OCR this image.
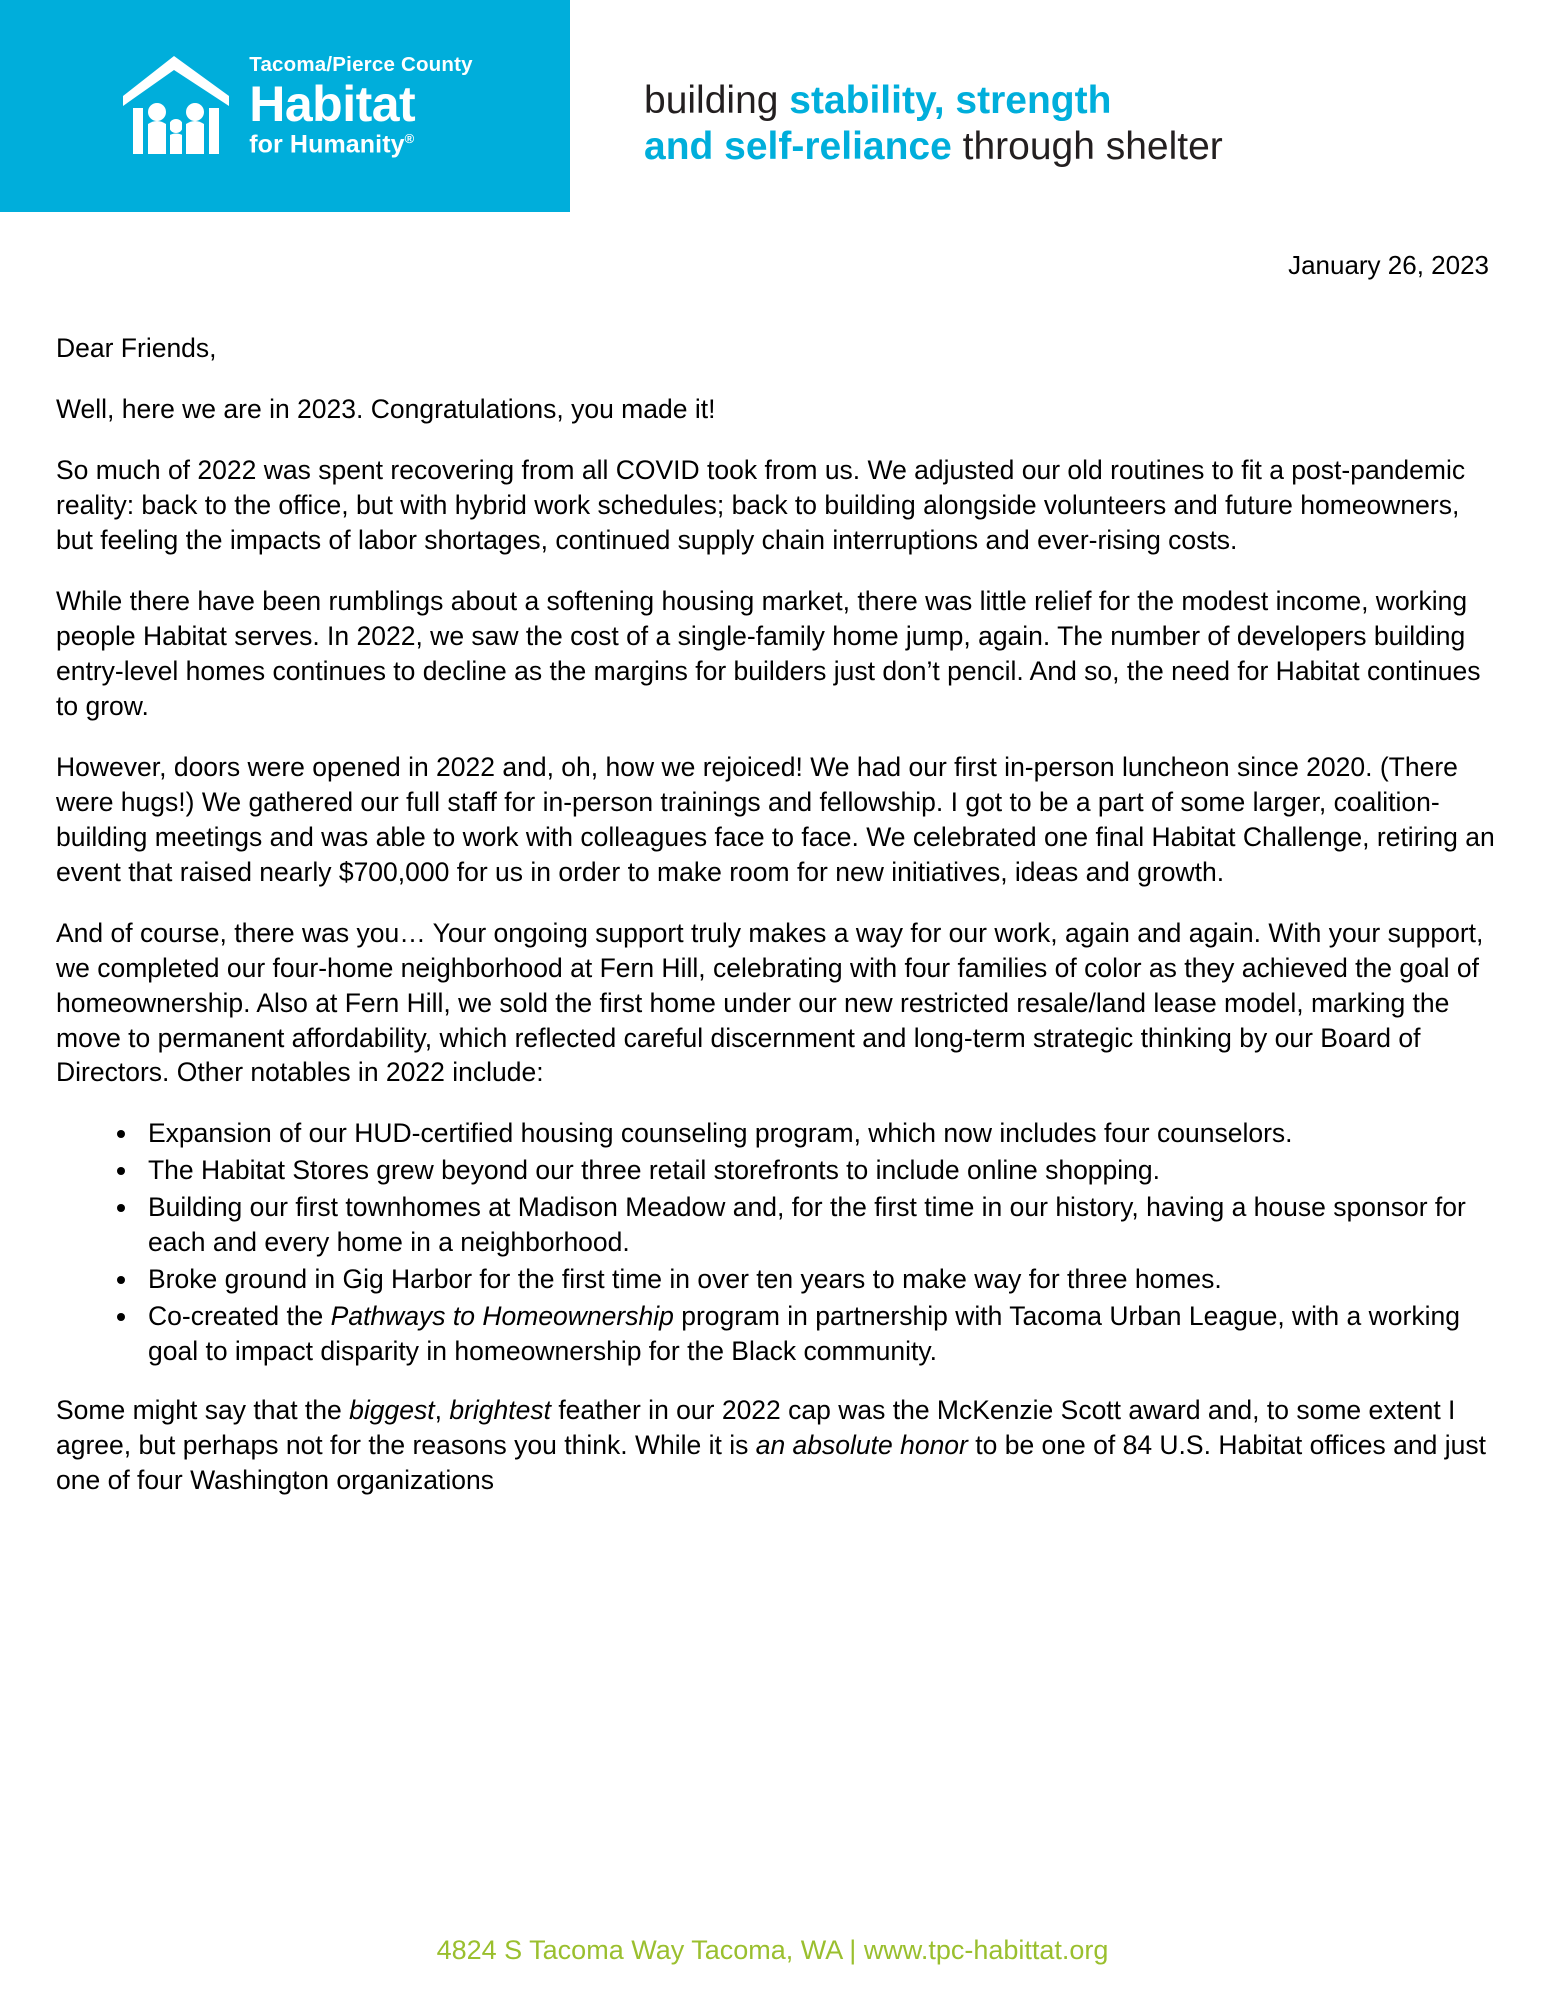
Tacoma/Pierce County
Habitat
for Humanity®
building stability, strength
and self-reliance through shelter
January 26, 2023

Dear Friends,

Well, here we are in 2023. Congratulations, you made it!

So much of 2022 was spent recovering from all COVID took from us. We adjusted our old routines to fit a post-pandemic reality: back to the office, but with hybrid work schedules; back to building alongside volunteers and future homeowners, but feeling the impacts of labor shortages, continued supply chain interruptions and ever-rising costs.

While there have been rumblings about a softening housing market, there was little relief for the modest income, working people Habitat serves. In 2022, we saw the cost of a single-family home jump, again. The number of developers building entry-level homes continues to decline as the margins for builders just don’t pencil. And so, the need for Habitat continues to grow.

However, doors were opened in 2022 and, oh, how we rejoiced! We had our first in-person luncheon since 2020. (There were hugs!) We gathered our full staff for in-person trainings and fellowship. I got to be a part of some larger, coalition-building meetings and was able to work with colleagues face to face. We celebrated one final Habitat Challenge, retiring an event that raised nearly $700,000 for us in order to make room for new initiatives, ideas and growth.

And of course, there was you… Your ongoing support truly makes a way for our work, again and again. With your support, we completed our four-home neighborhood at Fern Hill, celebrating with four families of color as they achieved the goal of homeownership. Also at Fern Hill, we sold the first home under our new restricted resale/land lease model, marking the move to permanent affordability, which reflected careful discernment and long-term strategic thinking by our Board of Directors. Other notables in 2022 include:

• Expansion of our HUD-certified housing counseling program, which now includes four counselors.
• The Habitat Stores grew beyond our three retail storefronts to include online shopping.
• Building our first townhomes at Madison Meadow and, for the first time in our history, having a house sponsor for each and every home in a neighborhood.
• Broke ground in Gig Harbor for the first time in over ten years to make way for three homes.
• Co-created the Pathways to Homeownership program in partnership with Tacoma Urban League, with a working goal to impact disparity in homeownership for the Black community.

Some might say that the biggest, brightest feather in our 2022 cap was the McKenzie Scott award and, to some extent I agree, but perhaps not for the reasons you think. While it is an absolute honor to be one of 84 U.S. Habitat offices and just one of four Washington organizations

4824 S Tacoma Way Tacoma, WA | www.tpc-habittat.org
